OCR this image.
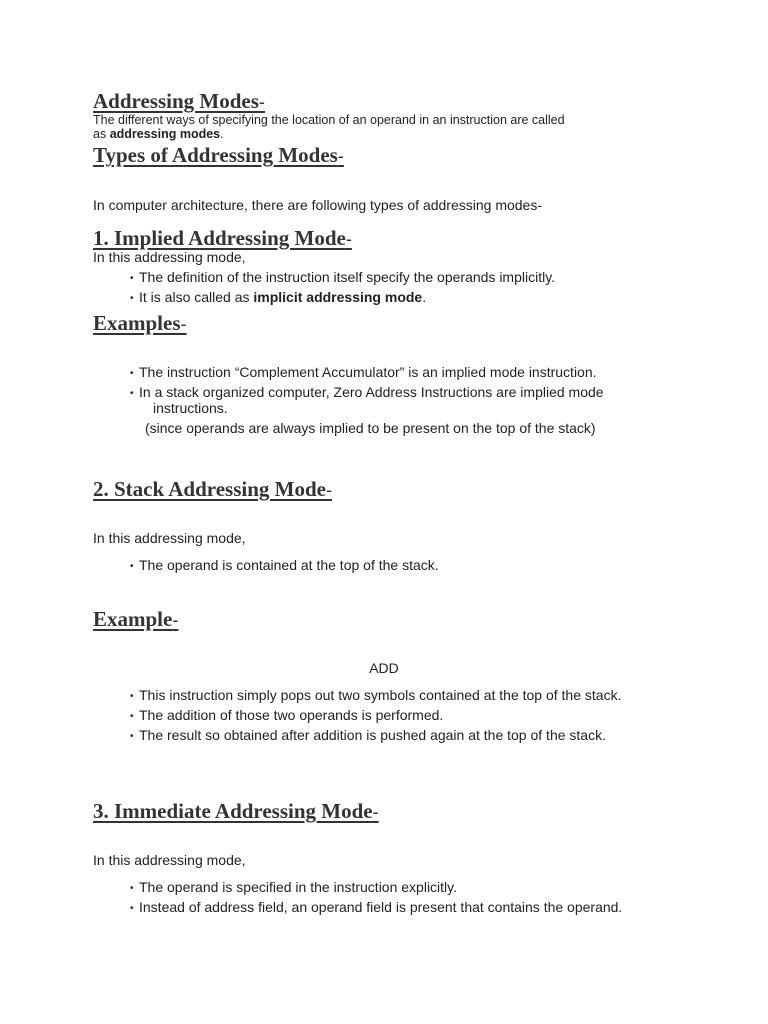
Addressing Modes-

The different ways of specifying the location of an operand in an instruction are called

as addressing modes.

Types of Addressing Modes-

In computer architecture, there are following types of addressing modes-

1. Implied Addressing Mode-

In this addressing mode,

• The definition of the instruction itself specify the operands implicitly.

• It is also called as implicit addressing mode.

Examples-

• The instruction “Complement Accumulator” is an implied mode instruction.

• In a stack organized computer, Zero Address Instructions are implied mode

instructions.

(since operands are always implied to be present on the top of the stack)

2. Stack Addressing Mode-

In this addressing mode,

• The operand is contained at the top of the stack.

Example-

ADD

• This instruction simply pops out two symbols contained at the top of the stack.

• The addition of those two operands is performed.

• The result so obtained after addition is pushed again at the top of the stack.

3. Immediate Addressing Mode-

In this addressing mode,

• The operand is specified in the instruction explicitly.

• Instead of address field, an operand field is present that contains the operand.
